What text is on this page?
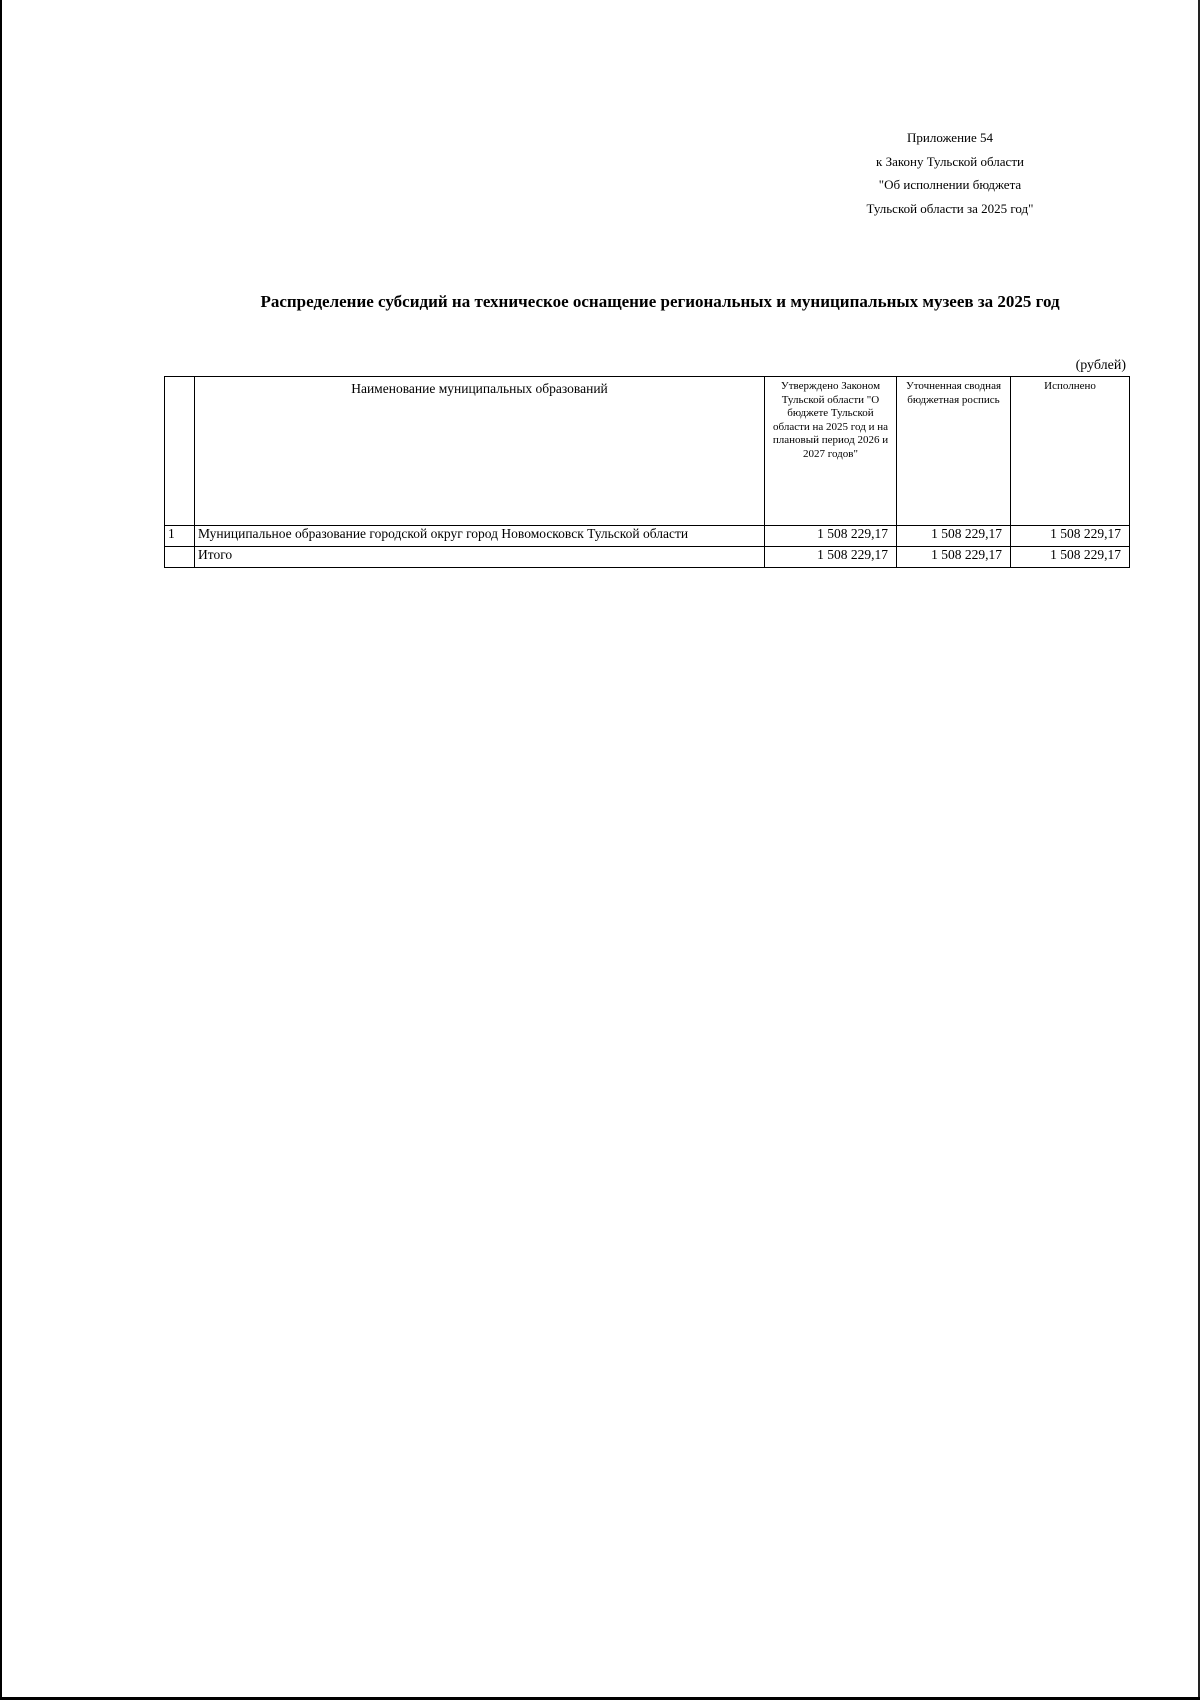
Приложение 54
к Закону Тульской области
"Об исполнении бюджета
Тульской области за 2025 год"
Распределение субсидий на техническое оснащение региональных и муниципальных музеев за 2025 год
(рублей)
	Наименование муниципальных образований	Утверждено Законом Тульской области "О бюджете Тульской области на 2025 год и на плановый период 2026 и 2027 годов"	Уточненная сводная бюджетная роспись	Исполнено
1	Муниципальное образование городской округ город Новомосковск Тульской области	1 508 229,17	1 508 229,17	1 508 229,17
	Итого	1 508 229,17	1 508 229,17	1 508 229,17
